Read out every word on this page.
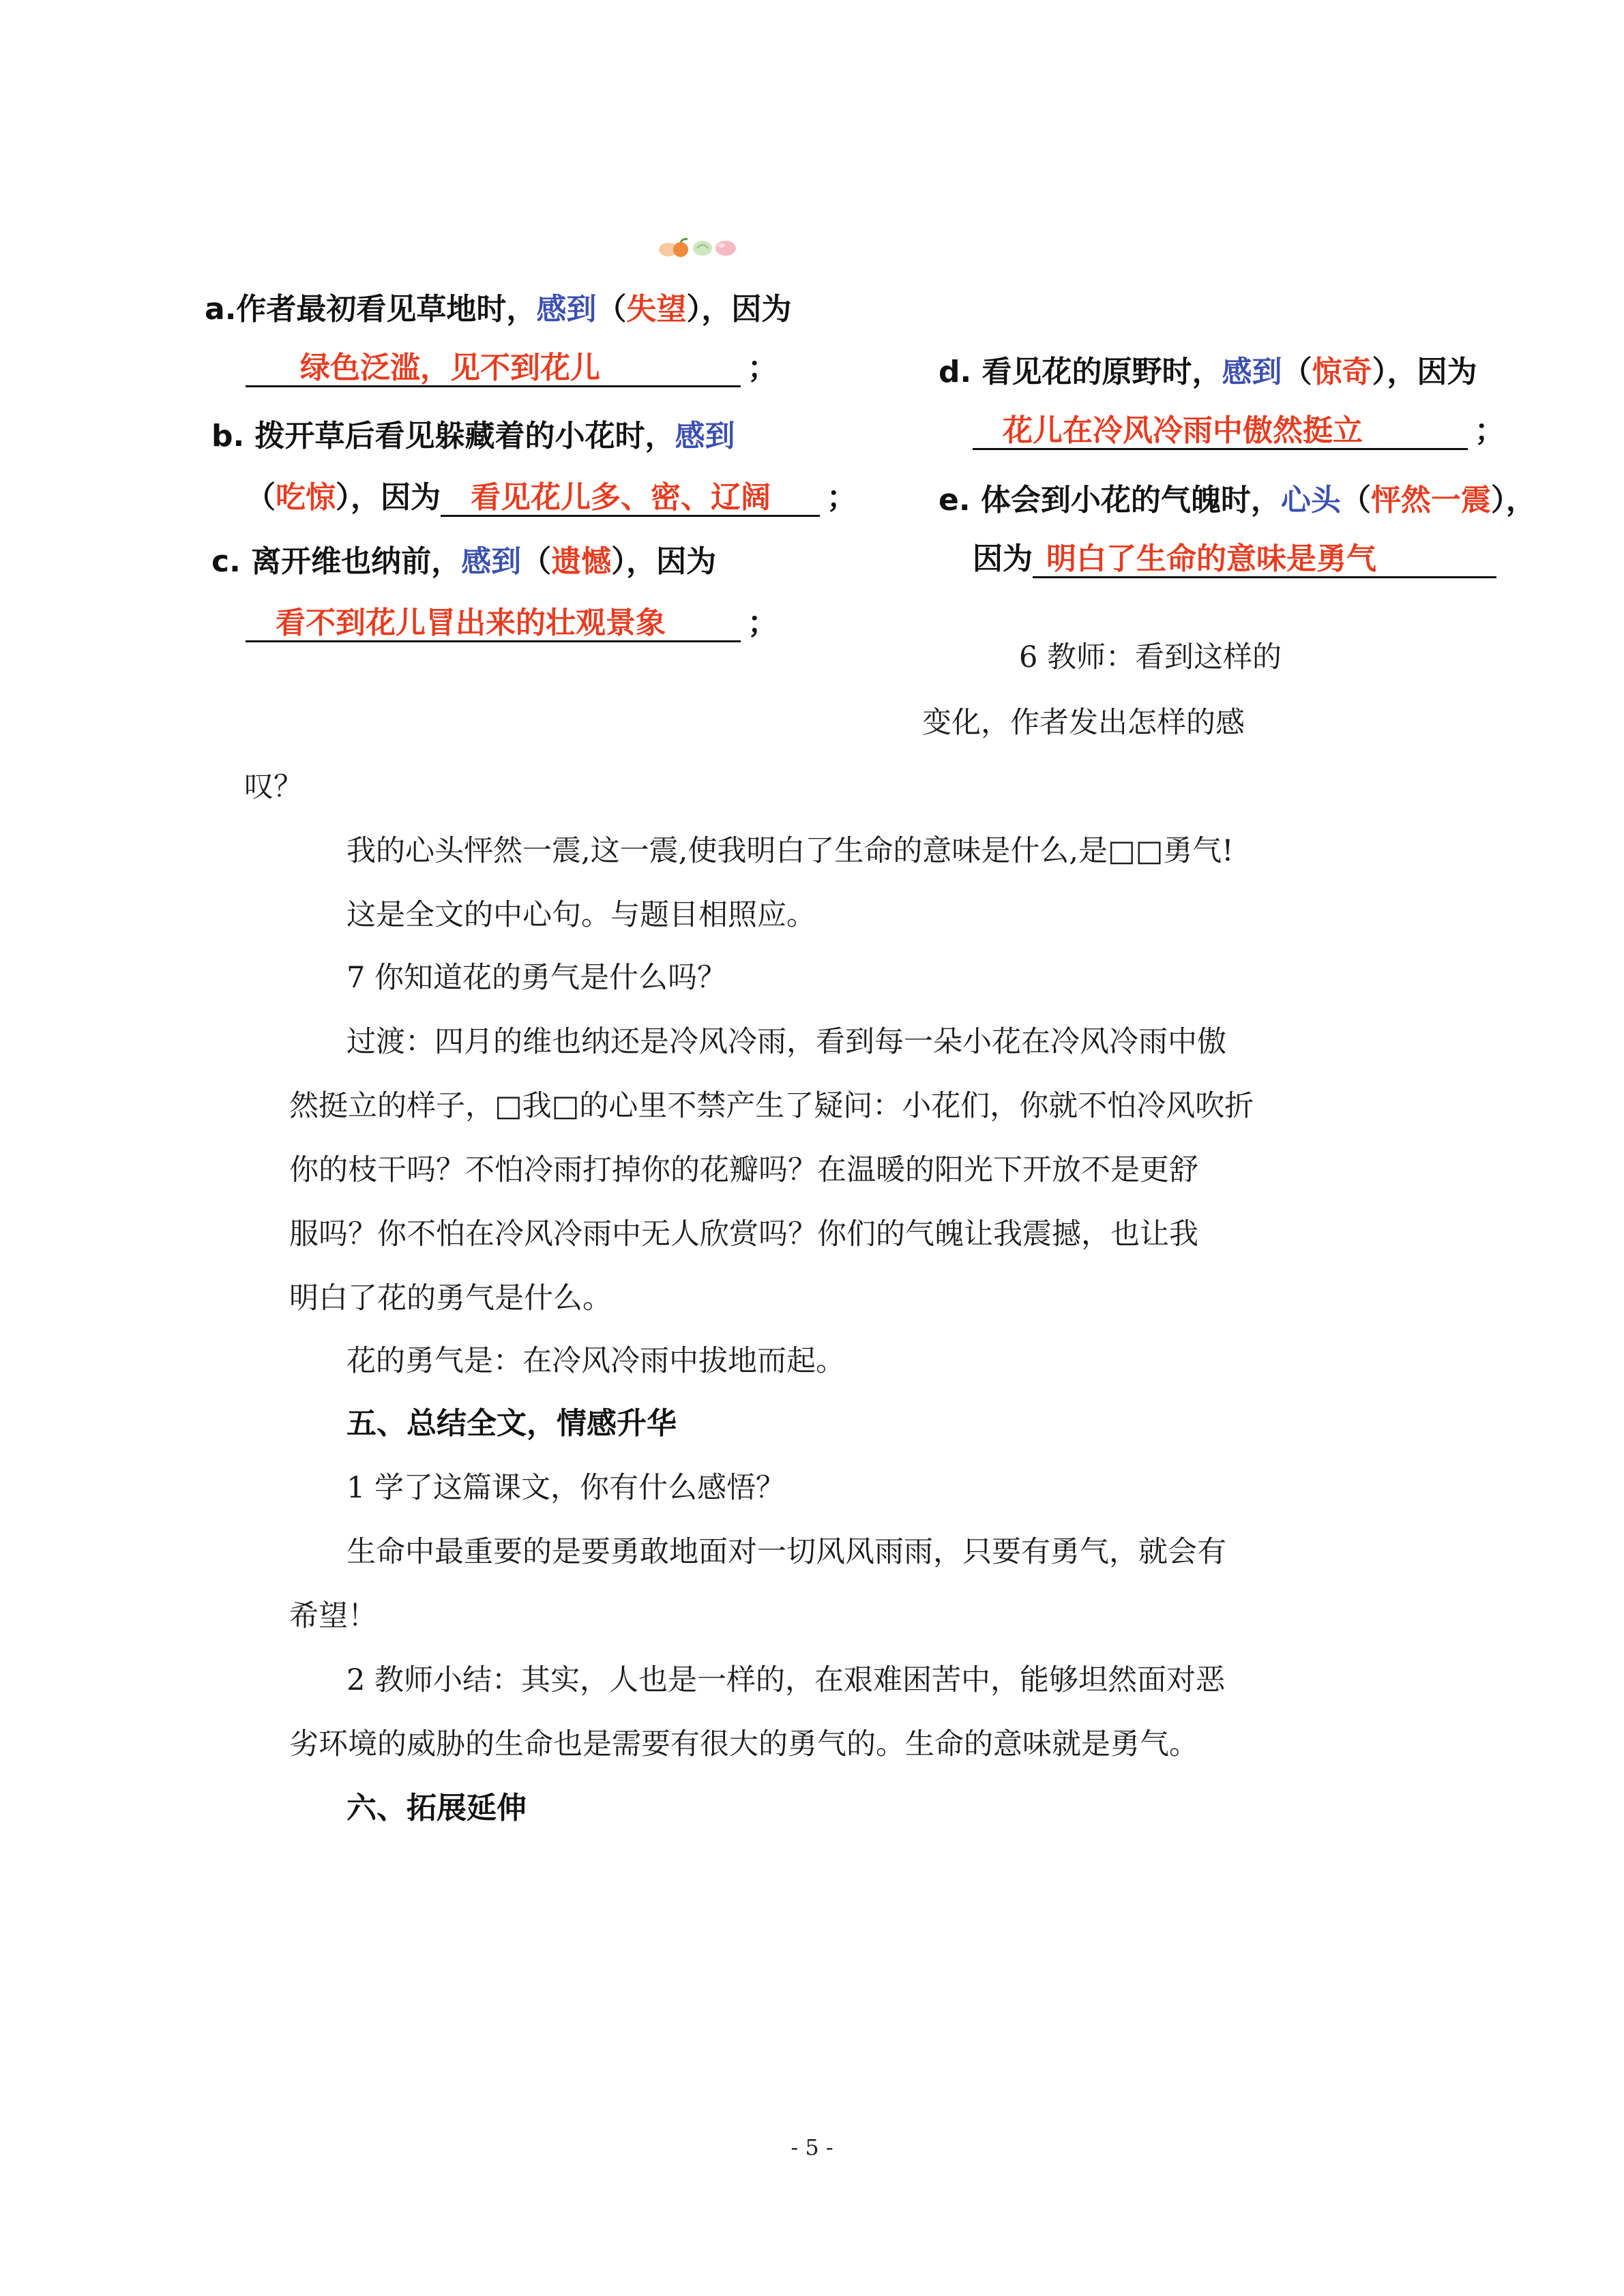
a.作者最初看见草地时，感到（失望），因为
绿色泛滥，见不到花儿	；
b. 拨开草后看见躲藏着的小花时，感到
（吃惊），因为 看见花儿多、密、辽阔 ；
c. 离开维也纳前，感到（遗憾），因为
看不到花儿冒出来的壮观景象	；
d. 看见花的原野时，感到（惊奇），因为
花儿在冷风冷雨中傲然挺立	；
e. 体会到小花的气魄时，心头（怦然一震），
因为 明白了生命的意味是勇气
6 教师：看到这样的
变化，作者发出怎样的感
叹？
我的心头怦然一震,这一震,使我明白了生命的意味是什么,是□□勇气!
这是全文的中心句。与题目相照应。
7 你知道花的勇气是什么吗？
过渡：四月的维也纳还是冷风冷雨，看到每一朵小花在冷风冷雨中傲
然挺立的样子，□我□的心里不禁产生了疑问：小花们，你就不怕冷风吹折
你的枝干吗？不怕冷雨打掉你的花瓣吗？在温暖的阳光下开放不是更舒
服吗？你不怕在冷风冷雨中无人欣赏吗？你们的气魄让我震撼，也让我
明白了花的勇气是什么。
花的勇气是：在冷风冷雨中拔地而起。
五、总结全文，情感升华
1 学了这篇课文，你有什么感悟？
生命中最重要的是要勇敢地面对一切风风雨雨，只要有勇气，就会有
希望！
2 教师小结：其实，人也是一样的，在艰难困苦中，能够坦然面对恶
劣环境的威胁的生命也是需要有很大的勇气的。生命的意味就是勇气。
六、拓展延伸
- 5 -
